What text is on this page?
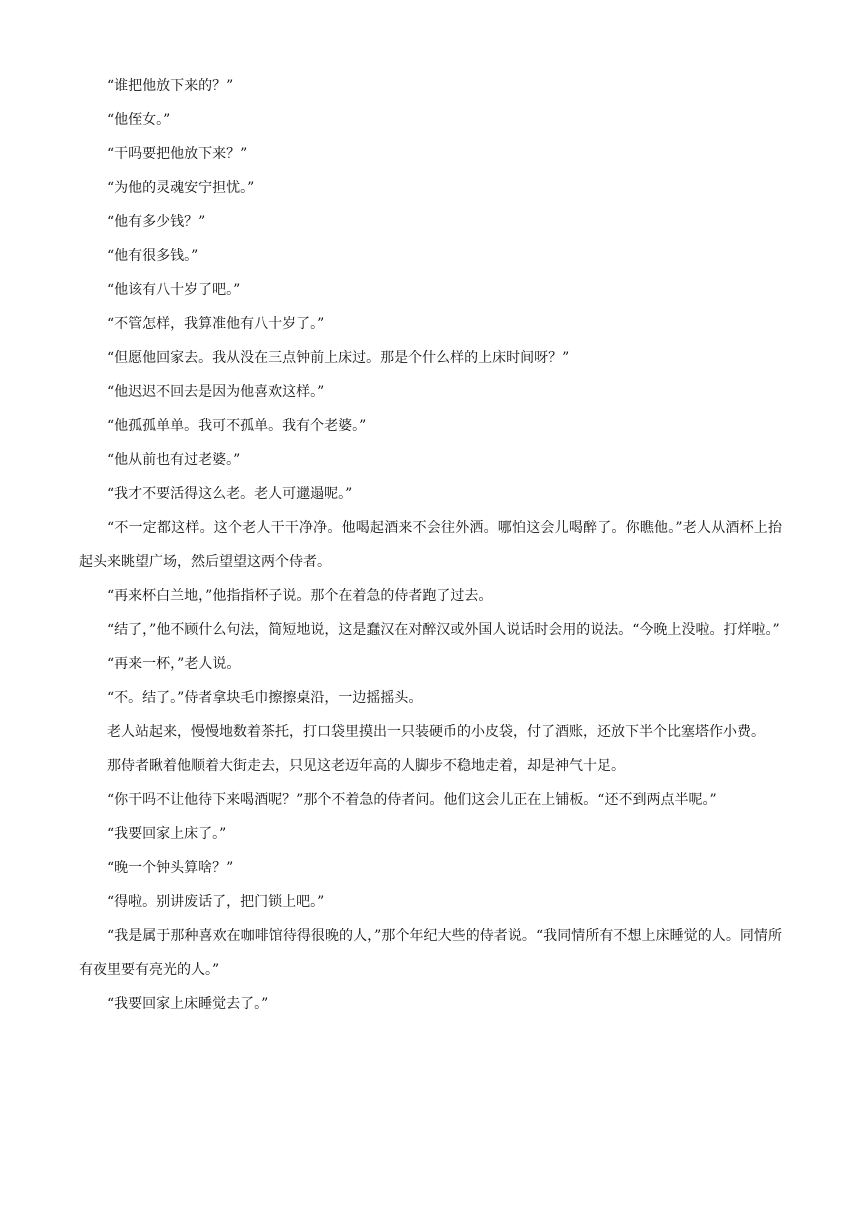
“谁把他放下来的？”

“他侄女。”

“干吗要把他放下来？”

“为他的灵魂安宁担忧。”

“他有多少钱？”

“他有很多钱。”

“他该有八十岁了吧。”

“不管怎样，我算准他有八十岁了。”

“但愿他回家去。我从没在三点钟前上床过。那是个什么样的上床时间呀？”

“他迟迟不回去是因为他喜欢这样。”

“他孤孤单单。我可不孤单。我有个老婆。”

“他从前也有过老婆。”

“我才不要活得这么老。老人可邋遢呢。”

“不一定都这样。这个老人干干净净。他喝起酒来不会往外洒。哪怕这会儿喝醉了。你瞧他。”老人从酒杯上抬起头来眺望广场，然后望望这两个侍者。

“再来杯白兰地，”他指指杯子说。那个在着急的侍者跑了过去。

“结了，”他不顾什么句法，简短地说，这是蠢汉在对醉汉或外国人说话时会用的说法。“今晚上没啦。打烊啦。”

“再来一杯，”老人说。

“不。结了。”侍者拿块毛巾擦擦桌沿，一边摇摇头。

老人站起来，慢慢地数着茶托，打口袋里摸出一只装硬币的小皮袋，付了酒账，还放下半个比塞塔作小费。

那侍者瞅着他顺着大街走去，只见这老迈年高的人脚步不稳地走着，却是神气十足。

“你干吗不让他待下来喝酒呢？”那个不着急的侍者问。他们这会儿正在上铺板。“还不到两点半呢。”

“我要回家上床了。”

“晚一个钟头算啥？”

“得啦。别讲废话了，把门锁上吧。”

“我是属于那种喜欢在咖啡馆待得很晚的人，”那个年纪大些的侍者说。“我同情所有不想上床睡觉的人。同情所有夜里要有亮光的人。”

“我要回家上床睡觉去了。”
